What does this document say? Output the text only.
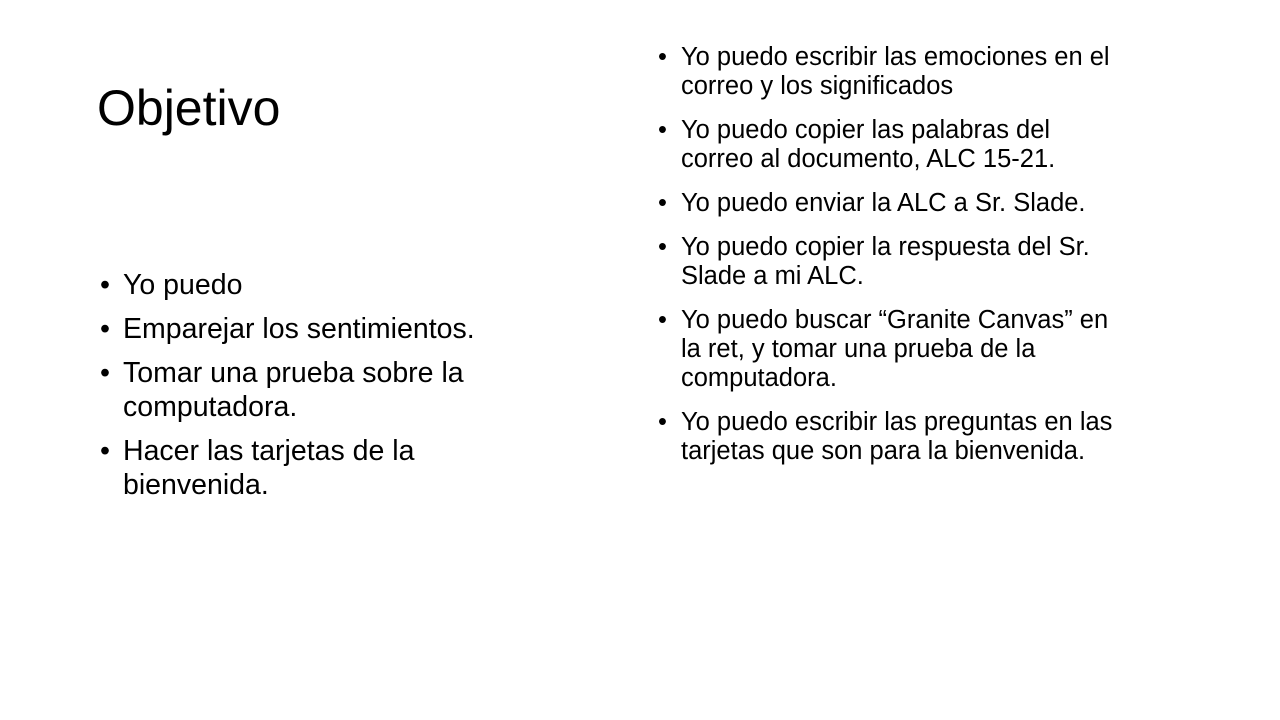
Objetivo
• Yo puedo
• Emparejar los sentimientos.
• Tomar una prueba sobre la computadora.
• Hacer las tarjetas de la bienvenida.
• Yo puedo escribir las emociones en el correo y los significados
• Yo puedo copier las palabras del correo al documento, ALC 15-21.
• Yo puedo enviar la ALC a Sr. Slade.
• Yo puedo copier la respuesta del Sr. Slade a mi ALC.
• Yo puedo buscar “Granite Canvas” en la ret, y tomar una prueba de la computadora.
• Yo puedo escribir las preguntas en las tarjetas que son para la bienvenida.
